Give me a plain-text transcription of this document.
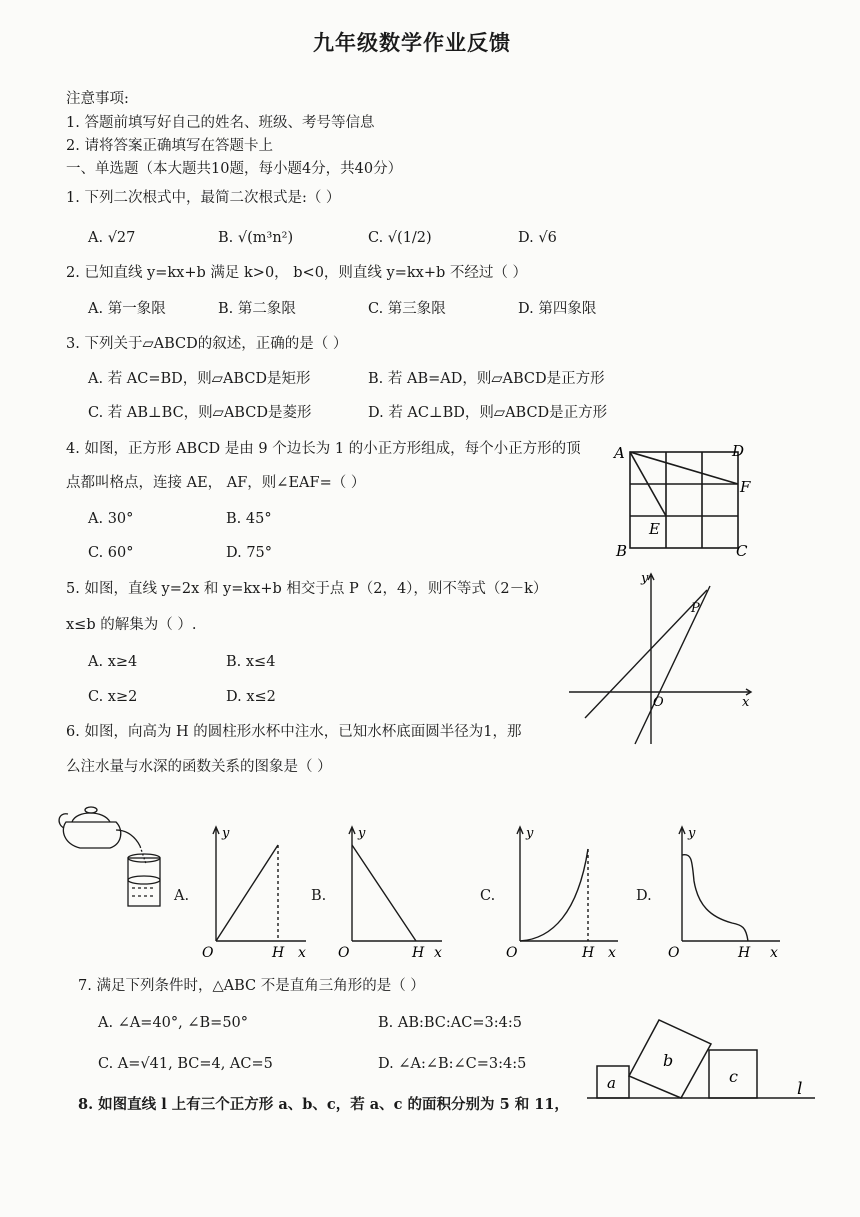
九年级数学作业反馈
注意事项:
1. 答题前填写好自己的姓名、班级、考号等信息
2. 请将答案正确填写在答题卡上
一、单选题（本大题共10题，每小题4分，共40分）
1. 下列二次根式中，最简二次根式是:（ ）
A. √27	B. √(m³n²)	C. √(1/2)	D. √6
2. 已知直线 y=kx+b 满足 k>0， b<0，则直线 y=kx+b 不经过（ ）
A. 第一象限	B. 第二象限	C. 第三象限	D. 第四象限
3. 下列关于▱ABCD的叙述，正确的是（ ）
A. 若 AC=BD，则▱ABCD是矩形	B. 若 AB=AD，则▱ABCD是正方形
C. 若 AB⊥BC，则▱ABCD是菱形	D. 若 AC⊥BD，则▱ABCD是正方形
4. 如图，正方形 ABCD 是由 9 个边长为 1 的小正方形组成，每个小正方形的顶
点都叫格点，连接 AE， AF，则∠EAF=（ ）
A. 30°	B. 45°
C. 60°	D. 75°
A	D
F
E
B	C
5. 如图，直线 y=2x 和 y=kx+b 相交于点 P（2，4），则不等式（2－k）
x≤b 的解集为（ ）.
A. x≥4	B. x≤4
C. x≥2	D. x≤2
y
P
O	x
6. 如图，向高为 H 的圆柱形水杯中注水，已知水杯底面圆半径为1，那
么注水量与水深的函数关系的图象是（ ）
A.
y
O	H x
B.
y
O	H x
C.
y
O	H x
D.
y
O	H x
7. 满足下列条件时，△ABC 不是直角三角形的是（ ）
A. ∠A=40°, ∠B=50°	B. AB:BC:AC=3:4:5
C. A=√41, BC=4, AC=5	D. ∠A:∠B:∠C=3:4:5
8. 如图直线 l 上有三个正方形 a、b、c，若 a、c 的面积分别为 5 和 11，
a
b
c
l
